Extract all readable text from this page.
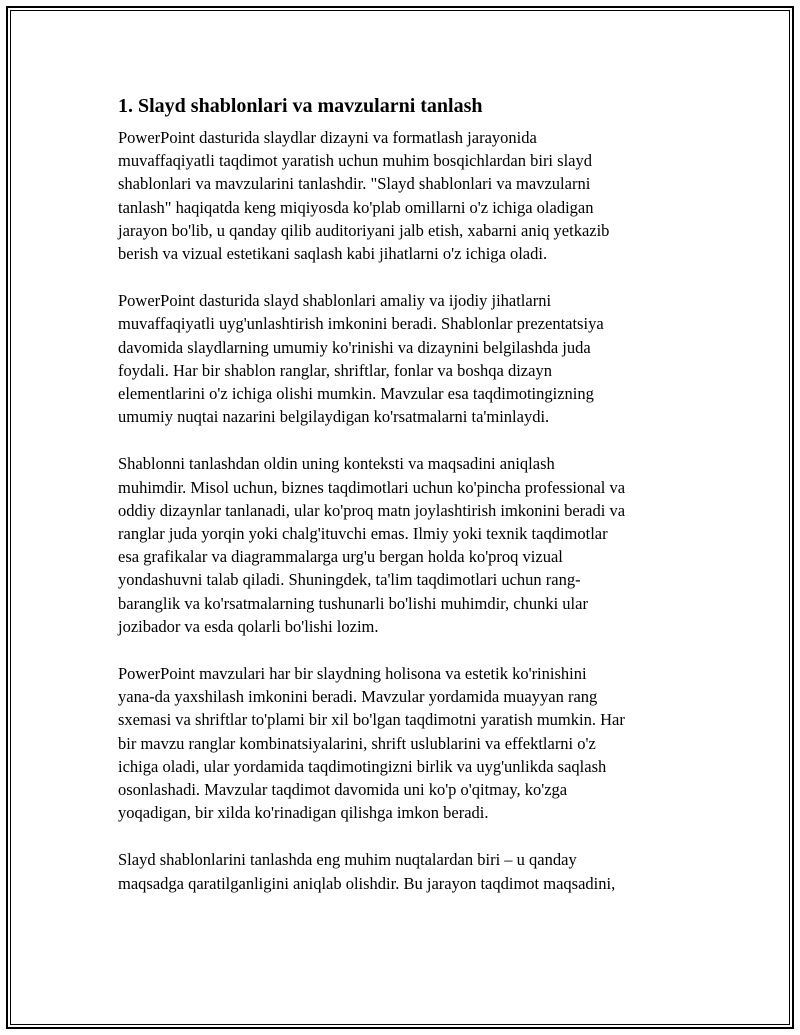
1. Slayd shablonlari va mavzularni tanlash

PowerPoint dasturida slaydlar dizayni va formatlash jarayonida
muvaffaqiyatli taqdimot yaratish uchun muhim bosqichlardan biri slayd
shablonlari va mavzularini tanlashdir. "Slayd shablonlari va mavzularni
tanlash" haqiqatda keng miqiyosda ko'plab omillarni o'z ichiga oladigan
jarayon bo'lib, u qanday qilib auditoriyani jalb etish, xabarni aniq yetkazib
berish va vizual estetikani saqlash kabi jihatlarni o'z ichiga oladi.

PowerPoint dasturida slayd shablonlari amaliy va ijodiy jihatlarni
muvaffaqiyatli uyg'unlashtirish imkonini beradi. Shablonlar prezentatsiya
davomida slaydlarning umumiy ko'rinishi va dizaynini belgilashda juda
foydali. Har bir shablon ranglar, shriftlar, fonlar va boshqa dizayn
elementlarini o'z ichiga olishi mumkin. Mavzular esa taqdimotingizning
umumiy nuqtai nazarini belgilaydigan ko'rsatmalarni ta'minlaydi.

Shablonni tanlashdan oldin uning konteksti va maqsadini aniqlash
muhimdir. Misol uchun, biznes taqdimotlari uchun ko'pincha professional va
oddiy dizaynlar tanlanadi, ular ko'proq matn joylashtirish imkonini beradi va
ranglar juda yorqin yoki chalg'ituvchi emas. Ilmiy yoki texnik taqdimotlar
esa grafikalar va diagrammalarga urg'u bergan holda ko'proq vizual
yondashuvni talab qiladi. Shuningdek, ta'lim taqdimotlari uchun rang-
baranglik va ko'rsatmalarning tushunarli bo'lishi muhimdir, chunki ular
jozibador va esda qolarli bo'lishi lozim.

PowerPoint mavzulari har bir slaydning holisona va estetik ko'rinishini
yana-da yaxshilash imkonini beradi. Mavzular yordamida muayyan rang
sxemasi va shriftlar to'plami bir xil bo'lgan taqdimotni yaratish mumkin. Har
bir mavzu ranglar kombinatsiyalarini, shrift uslublarini va effektlarni o'z
ichiga oladi, ular yordamida taqdimotingizni birlik va uyg'unlikda saqlash
osonlashadi. Mavzular taqdimot davomida uni ko'p o'qitmay, ko'zga
yoqadigan, bir xilda ko'rinadigan qilishga imkon beradi.

Slayd shablonlarini tanlashda eng muhim nuqtalardan biri – u qanday
maqsadga qaratilganligini aniqlab olishdir. Bu jarayon taqdimot maqsadini,
